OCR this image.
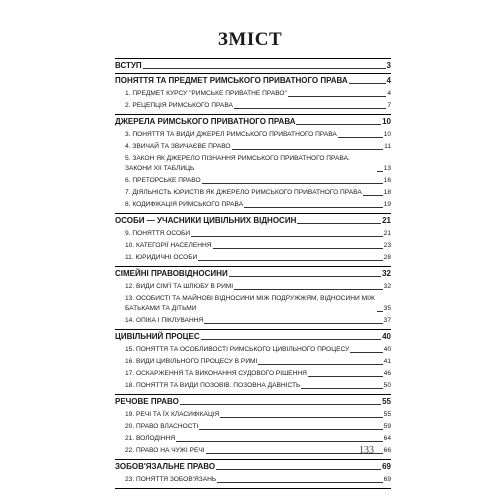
ЗМІСТ
ВСТУП	3
ПОНЯТТЯ ТА ПРЕДМЕТ РИМСЬКОГО ПРИВАТНОГО ПРАВА	4
1. ПРЕДМЕТ КУРСУ "РИМСЬКЕ ПРИВАТНЕ ПРАВО"	4
2. РЕЦЕПЦІЯ РИМСЬКОГО ПРАВА	7
ДЖЕРЕЛА РИМСЬКОГО ПРИВАТНОГО ПРАВА	10
3. ПОНЯТТЯ ТА ВИДИ ДЖЕРЕЛ РИМСЬКОГО ПРИВАТНОГО ПРАВА	10
4. ЗВИЧАЙ ТА ЗВИЧАЄВЕ ПРАВО	11
5. ЗАКОН ЯК ДЖЕРЕЛО ПІЗНАННЯ РИМСЬКОГО ПРИВАТНОГО ПРАВА. ЗАКОНИ ХІІ ТАБЛИЦЬ	13
6. ПРЕТОРСЬКЕ ПРАВО	16
7. ДІЯЛЬНІСТЬ ЮРИСТІВ ЯК ДЖЕРЕЛО РИМСЬКОГО ПРИВАТНОГО ПРАВА	18
8. КОДИФІКАЦІЯ РИМСЬКОГО ПРАВА	19
ОСОБИ — УЧАСНИКИ ЦИВІЛЬНИХ ВІДНОСИН	21
9. ПОНЯТТЯ ОСОБИ	21
10. КАТЕГОРІЇ НАСЕЛЕННЯ	23
11. ЮРИДИЧНІ ОСОБИ	28
СІМЕЙНІ ПРАВОВІДНОСИНИ	32
12. ВИДИ СІМ'Ї ТА ШЛЮБУ В РИМІ	32
13. ОСОБИСТІ ТА МАЙНОВІ ВІДНОСИНИ МІЖ ПОДРУЖЖЯМ, ВІДНОСИНИ МІЖ БАТЬКАМИ ТА ДІТЬМИ	35
14. ОПІКА І ПІКЛУВАННЯ	37
ЦИВІЛЬНИЙ ПРОЦЕС	40
15. ПОНЯТТЯ ТА ОСОБЛИВОСТІ РИМСЬКОГО ЦИВІЛЬНОГО ПРОЦЕСУ	40
16. ВИДИ ЦИВІЛЬНОГО ПРОЦЕСУ В РИМІ	41
17. ОСКАРЖЕННЯ ТА ВИКОНАННЯ СУДОВОГО РІШЕННЯ	46
18. ПОНЯТТЯ ТА ВИДИ ПОЗОВІВ. ПОЗОВНА ДАВНІСТЬ	50
РЕЧОВЕ ПРАВО	55
19. РЕЧІ ТА ЇХ КЛАСИФІКАЦІЯ	55
20. ПРАВО ВЛАСНОСТІ	59
21. ВОЛОДІННЯ	64
22. ПРАВО НА ЧУЖІ РЕЧІ	66
ЗОБОВ'ЯЗАЛЬНЕ ПРАВО	69
23. ПОНЯТТЯ ЗОБОВ'ЯЗАНЬ	69
133
